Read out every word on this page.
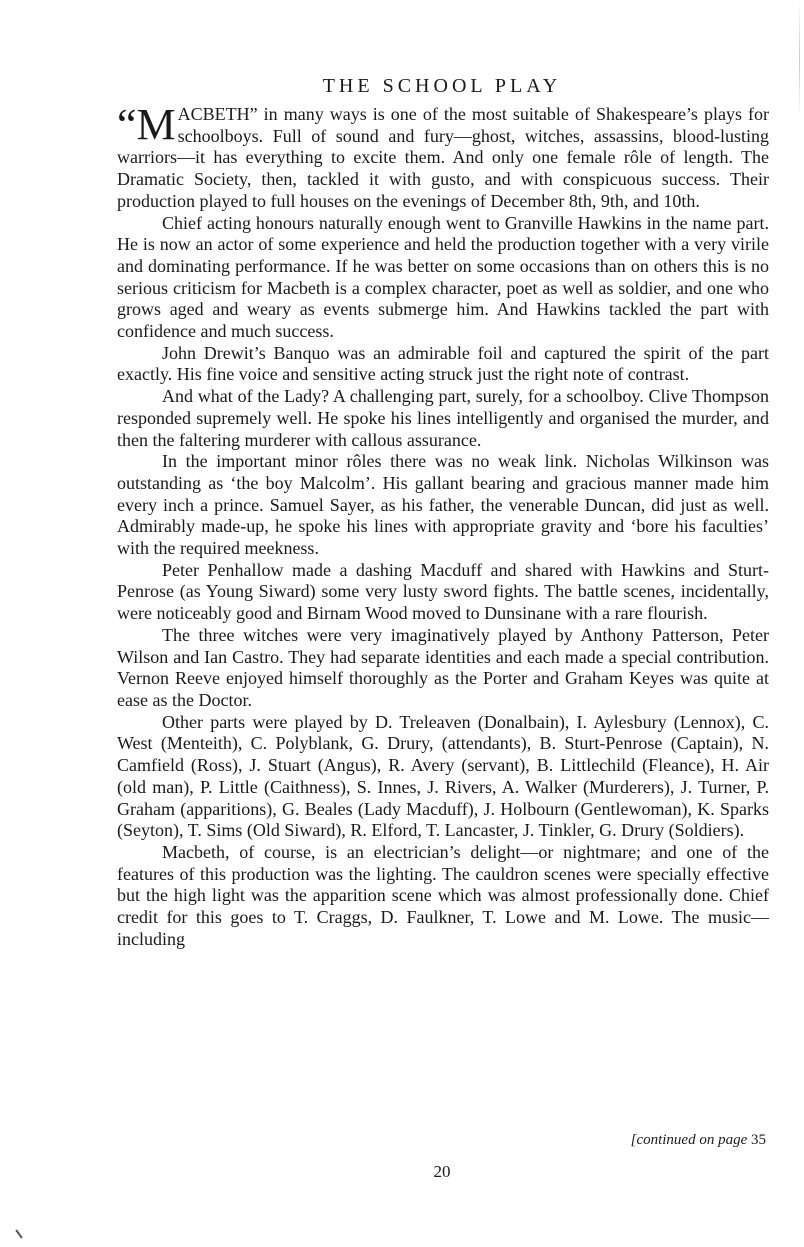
THE SCHOOL PLAY

“M ACBETH” in many ways is one of the most suitable of Shakespeare’s plays for schoolboys. Full of sound and fury—ghost, witches, assassins, blood-lusting warriors—it has everything to excite them. And only one female rôle of length. The Dramatic Society, then, tackled it with gusto, and with conspicuous success. Their production played to full houses on the evenings of December 8th, 9th, and 10th.

Chief acting honours naturally enough went to Granville Hawkins in the name part. He is now an actor of some experience and held the production together with a very virile and dominating performance. If he was better on some occasions than on others this is no serious criticism for Macbeth is a complex character, poet as well as soldier, and one who grows aged and weary as events submerge him. And Hawkins tackled the part with confidence and much success.

John Drewit’s Banquo was an admirable foil and captured the spirit of the part exactly. His fine voice and sensitive acting struck just the right note of contrast.

And what of the Lady? A challenging part, surely, for a schoolboy. Clive Thompson responded supremely well. He spoke his lines intelligently and organised the murder, and then the faltering murderer with callous assurance.

In the important minor rôles there was no weak link. Nicholas Wilkinson was outstanding as ‘the boy Malcolm’. His gallant bearing and gracious manner made him every inch a prince. Samuel Sayer, as his father, the venerable Duncan, did just as well. Admirably made-up, he spoke his lines with appropriate gravity and ‘bore his faculties’ with the required meekness.

Peter Penhallow made a dashing Macduff and shared with Hawkins and Sturt-Penrose (as Young Siward) some very lusty sword fights. The battle scenes, incidentally, were noticeably good and Birnam Wood moved to Dunsinane with a rare flourish.

The three witches were very imaginatively played by Anthony Patterson, Peter Wilson and Ian Castro. They had separate identities and each made a special contribution. Vernon Reeve enjoyed himself thoroughly as the Porter and Graham Keyes was quite at ease as the Doctor.

Other parts were played by D. Treleaven (Donalbain), I. Aylesbury (Lennox), C. West (Menteith), C. Polyblank, G. Drury, (attendants), B. Sturt-Penrose (Captain), N. Camfield (Ross), J. Stuart (Angus), R. Avery (servant), B. Littlechild (Fleance), H. Air (old man), P. Little (Caithness), S. Innes, J. Rivers, A. Walker (Murderers), J. Turner, P. Graham (apparitions), G. Beales (Lady Macduff), J. Holbourn (Gentlewoman), K. Sparks (Seyton), T. Sims (Old Siward), R. Elford, T. Lancaster, J. Tinkler, G. Drury (Soldiers).

Macbeth, of course, is an electrician’s delight—or nightmare; and one of the features of this production was the lighting. The cauldron scenes were specially effective but the high light was the apparition scene which was almost professionally done. Chief credit for this goes to T. Craggs, D. Faulkner, T. Lowe and M. Lowe. The music—including

[continued on page 35
20
